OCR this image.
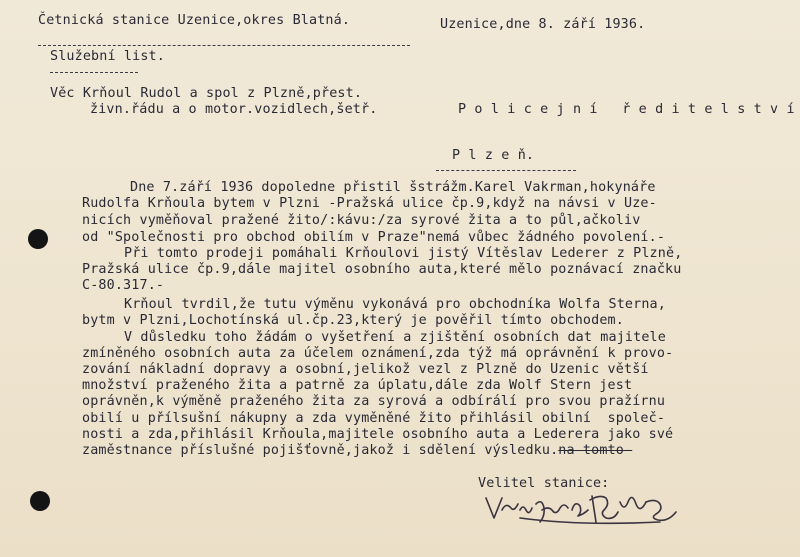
Četnická stanice Uzenice,okres Blatná.	Uzenice,dne 8. září 1936.
Služební list.
Věc Krňoul Rudol a spol z Plzně,přest.
živn.řádu a o motor.vozidlech,šetř.	P o l i c e j n í   ř e d i t e l s t v í
P l z e ň.
Dne 7.září 1936 dopoledne přistil šstrážm.Karel Vakrman,hokynáře
Rudolfa Krňoula bytem v Plzni -Pražská ulice čp.9,když na návsi v Uze-
nicích vyměňoval pražené žito/:kávu:/za syrové žita a to půl,ačkoliv
od "Společnosti pro obchod obilím v Praze"nemá vůbec žádného povolení.-
Při tomto prodeji pomáhali Krňoulovi jistý Vítěslav Lederer z Plzně,
Pražská ulice čp.9,dále majitel osobního auta,které mělo poznávací značku
C-80.317.-
Krňoul tvrdil,že tutu výměnu vykonává pro obchodníka Wolfa Sterna,
bytm v Plzni,Lochotínská ul.čp.23,který je pověřil tímto obchodem.
V důsledku toho žádám o vyšetření a zjištění osobních dat majitele
zmíněného osobních auta za účelem oznámení,zda týž má oprávnění k provo-
zování nákladní dopravy a osobní,jelikož vezl z Plzně do Uzenic větší
množství praženého žita a patrně za úplatu,dále zda Wolf Stern jest
oprávněn,k výměně praženého žita za syrová a odbírálí pro svou pražírnu
obilí u přílsušní nákupny a zda vyměněné žito přihlásil obilní  společ-
nosti a zda,přihlásil Krňoula,majitele osobního auta a Lederera jako své
zaměstnance příslušné pojišťovně,jakož i sdělení výsledku.na tomto-
Velitel stanice:
